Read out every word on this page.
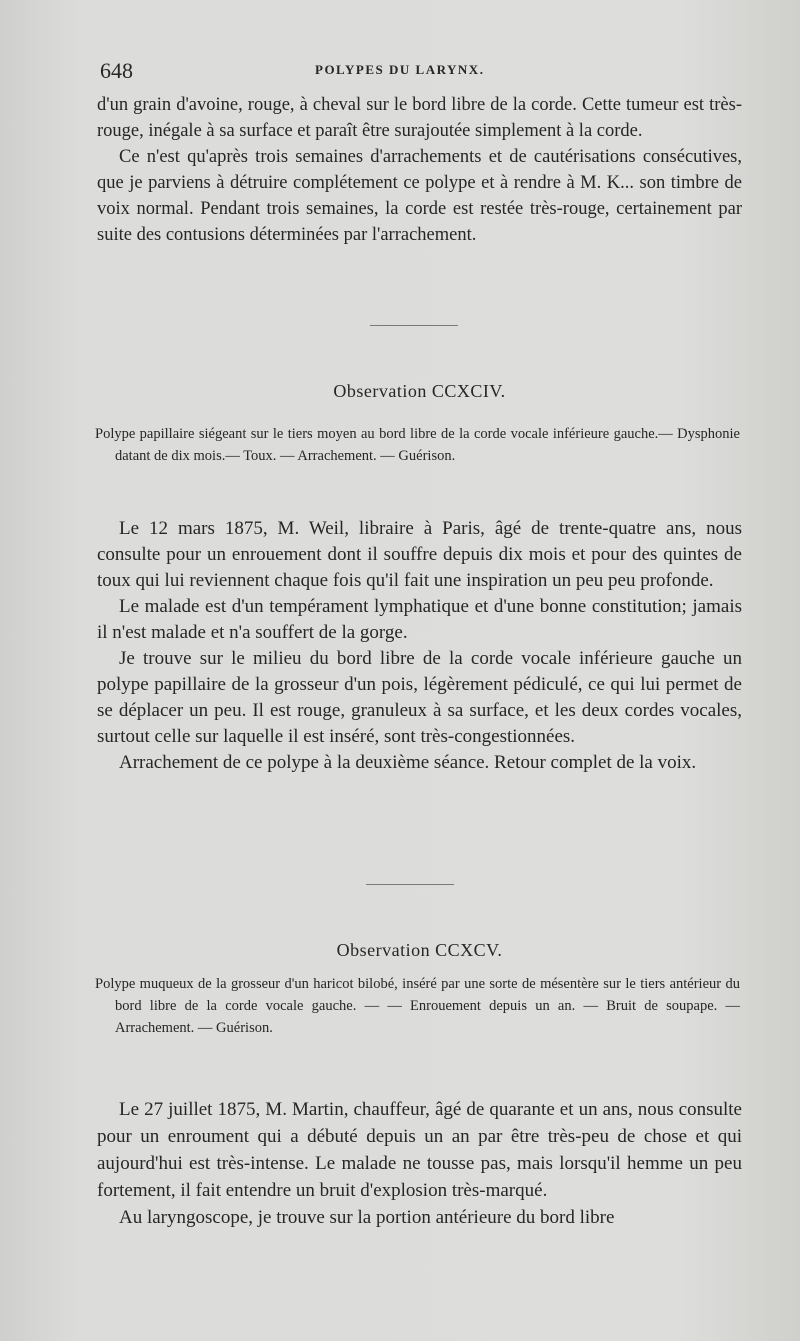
648	POLYPES DU LARYNX.

d'un grain d'avoine, rouge, à cheval sur le bord libre de la corde. Cette tumeur est très-rouge, inégale à sa surface et paraît être surajoutée simplement à la corde.

Ce n'est qu'après trois semaines d'arrachements et de cautérisations consécutives, que je parviens à détruire complétement ce polype et à rendre à M. K... son timbre de voix normal. Pendant trois semaines, la corde est restée très-rouge, certainement par suite des contusions déterminées par l'arrachement.

Observation CCXCIV.
Polype papillaire siégeant sur le tiers moyen au bord libre de la corde vocale inférieure gauche.— Dysphonie datant de dix mois.— Toux. — Arrachement. — Guérison.

Le 12 mars 1875, M. Weil, libraire à Paris, âgé de trente-quatre ans, nous consulte pour un enrouement dont il souffre depuis dix mois et pour des quintes de toux qui lui reviennent chaque fois qu'il fait une inspiration un peu peu profonde.

Le malade est d'un tempérament lymphatique et d'une bonne constitution; jamais il n'est malade et n'a souffert de la gorge.

Je trouve sur le milieu du bord libre de la corde vocale inférieure gauche un polype papillaire de la grosseur d'un pois, légèrement pédiculé, ce qui lui permet de se déplacer un peu. Il est rouge, granuleux à sa surface, et les deux cordes vocales, surtout celle sur laquelle il est inséré, sont très-congestionnées.

Arrachement de ce polype à la deuxième séance. Retour complet de la voix.

Observation CCXCV.
Polype muqueux de la grosseur d'un haricot bilobé, inséré par une sorte de mésentère sur le tiers antérieur du bord libre de la corde vocale gauche. — — Enrouement depuis un an. — Bruit de soupape. — Arrachement. — Guérison.

Le 27 juillet 1875, M. Martin, chauffeur, âgé de quarante et un ans, nous consulte pour un enroument qui a débuté depuis un an par être très-peu de chose et qui aujourd'hui est très-intense. Le malade ne tousse pas, mais lorsqu'il hemme un peu fortement, il fait entendre un bruit d'explosion très-marqué.

Au laryngoscope, je trouve sur la portion antérieure du bord libre
